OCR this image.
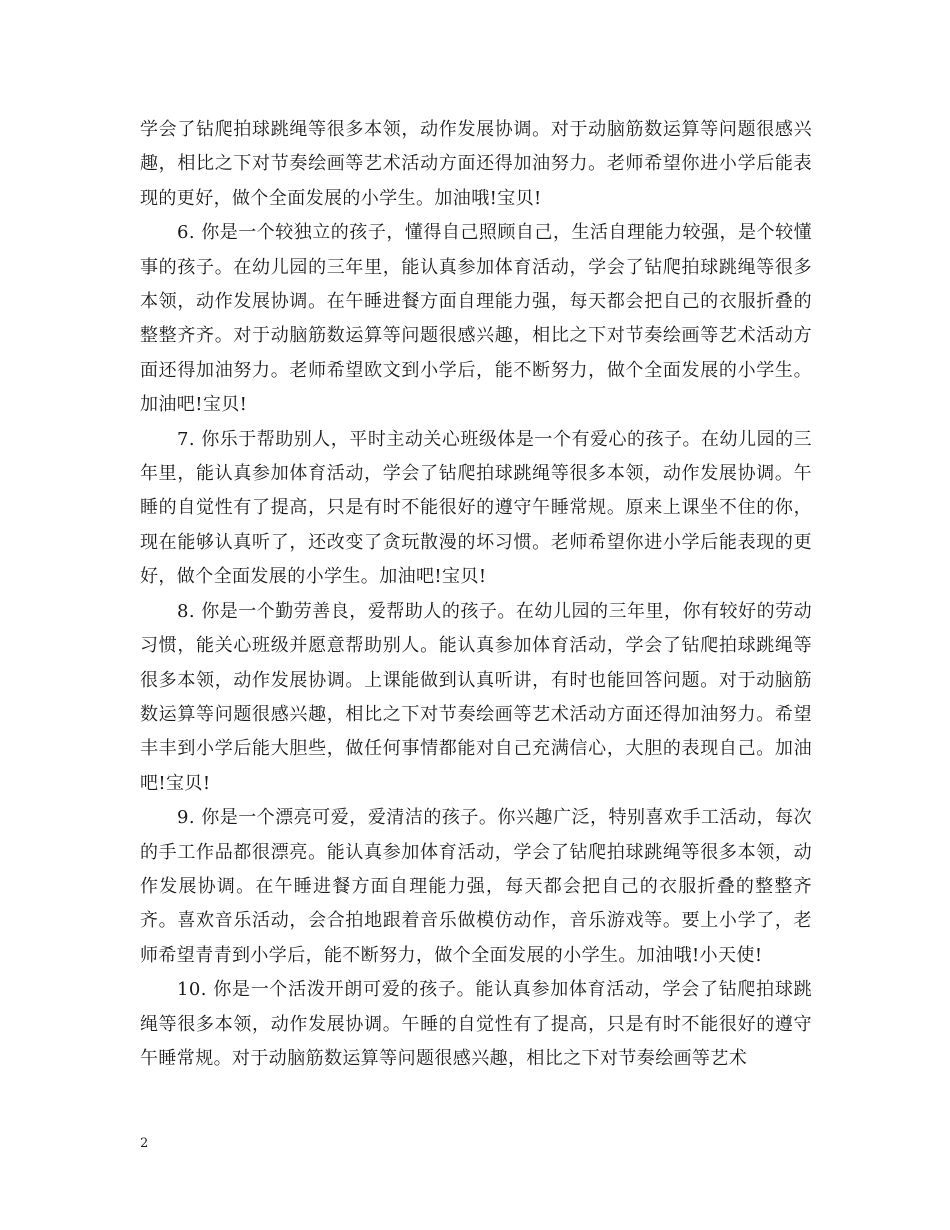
学会了钻爬拍球跳绳等很多本领，动作发展协调。对于动脑筋数运算等问题很感兴趣，相比之下对节奏绘画等艺术活动方面还得加油努力。老师希望你进小学后能表现的更好，做个全面发展的小学生。加油哦!宝贝!

6. 你是一个较独立的孩子，懂得自己照顾自己，生活自理能力较强，是个较懂事的孩子。在幼儿园的三年里，能认真参加体育活动，学会了钻爬拍球跳绳等很多本领，动作发展协调。在午睡进餐方面自理能力强，每天都会把自己的衣服折叠的整整齐齐。对于动脑筋数运算等问题很感兴趣，相比之下对节奏绘画等艺术活动方面还得加油努力。老师希望欧文到小学后，能不断努力，做个全面发展的小学生。加油吧!宝贝!

7. 你乐于帮助别人，平时主动关心班级体是一个有爱心的孩子。在幼儿园的三年里，能认真参加体育活动，学会了钻爬拍球跳绳等很多本领，动作发展协调。午睡的自觉性有了提高，只是有时不能很好的遵守午睡常规。原来上课坐不住的你，现在能够认真听了，还改变了贪玩散漫的坏习惯。老师希望你进小学后能表现的更好，做个全面发展的小学生。加油吧!宝贝!

8. 你是一个勤劳善良，爱帮助人的孩子。在幼儿园的三年里，你有较好的劳动习惯，能关心班级并愿意帮助别人。能认真参加体育活动，学会了钻爬拍球跳绳等很多本领，动作发展协调。上课能做到认真听讲，有时也能回答问题。对于动脑筋数运算等问题很感兴趣，相比之下对节奏绘画等艺术活动方面还得加油努力。希望丰丰到小学后能大胆些，做任何事情都能对自己充满信心，大胆的表现自己。加油吧!宝贝!

9. 你是一个漂亮可爱，爱清洁的孩子。你兴趣广泛，特别喜欢手工活动，每次的手工作品都很漂亮。能认真参加体育活动，学会了钻爬拍球跳绳等很多本领，动作发展协调。在午睡进餐方面自理能力强，每天都会把自己的衣服折叠的整整齐齐。喜欢音乐活动，会合拍地跟着音乐做模仿动作，音乐游戏等。要上小学了，老师希望青青到小学后，能不断努力，做个全面发展的小学生。加油哦!小天使!

10. 你是一个活泼开朗可爱的孩子。能认真参加体育活动，学会了钻爬拍球跳绳等很多本领，动作发展协调。午睡的自觉性有了提高，只是有时不能很好的遵守午睡常规。对于动脑筋数运算等问题很感兴趣，相比之下对节奏绘画等艺术

2
